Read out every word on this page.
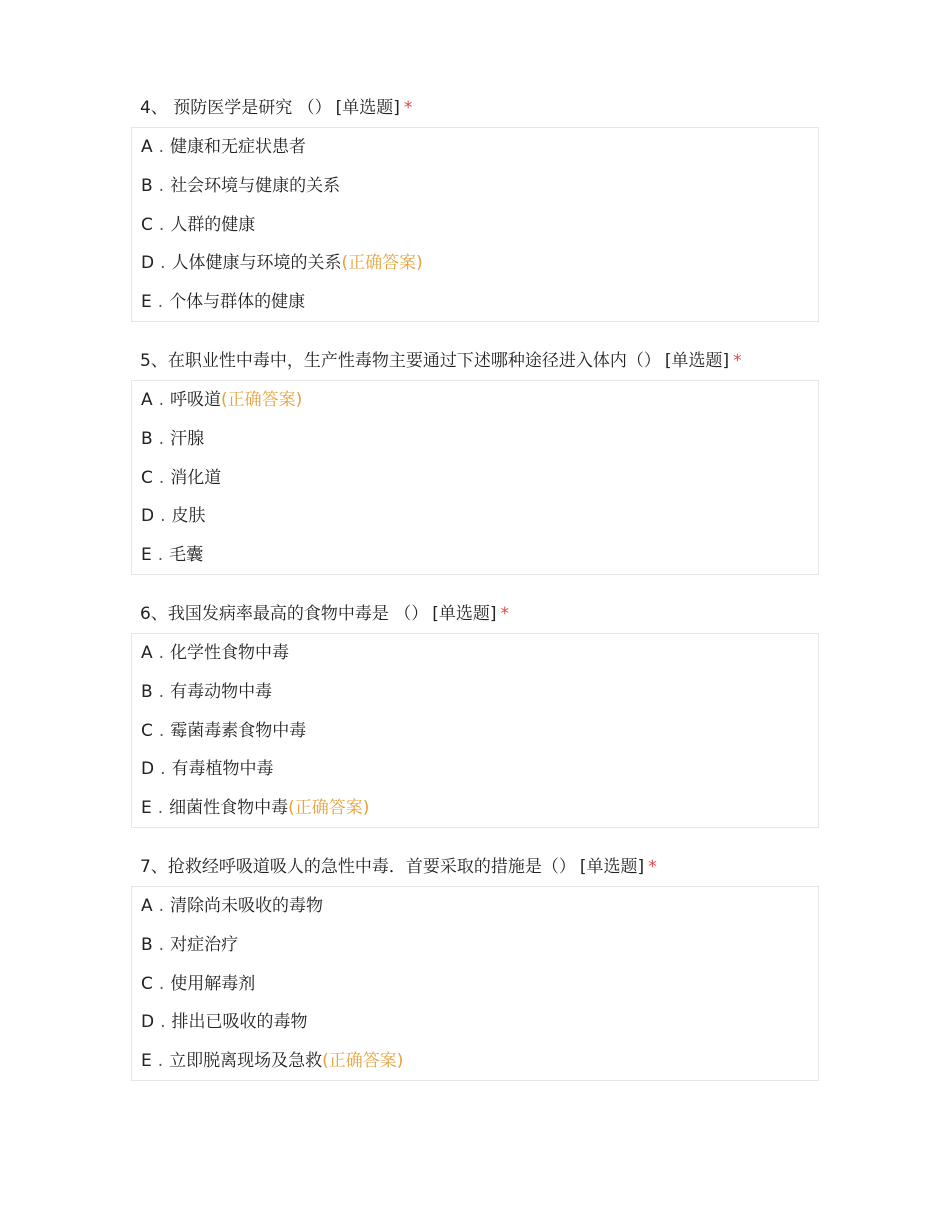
4、 预防医学是研究 （） [单选题] *
A . 健康和无症状患者
B . 社会环境与健康的关系
C . 人群的健康
D . 人体健康与环境的关系(正确答案)
E . 个体与群体的健康
5、在职业性中毒中，生产性毒物主要通过下述哪种途径进入体内（） [单选题] *
A . 呼吸道(正确答案)
B . 汗腺
C . 消化道
D . 皮肤
E . 毛囊
6、我国发病率最高的食物中毒是 （） [单选题] *
A . 化学性食物中毒
B . 有毒动物中毒
C . 霉菌毒素食物中毒
D . 有毒植物中毒
E . 细菌性食物中毒(正确答案)
7、抢救经呼吸道吸人的急性中毒．首要采取的措施是（） [单选题] *
A . 清除尚未吸收的毒物
B . 对症治疗
C . 使用解毒剂
D . 排出已吸收的毒物
E . 立即脱离现场及急救(正确答案)
